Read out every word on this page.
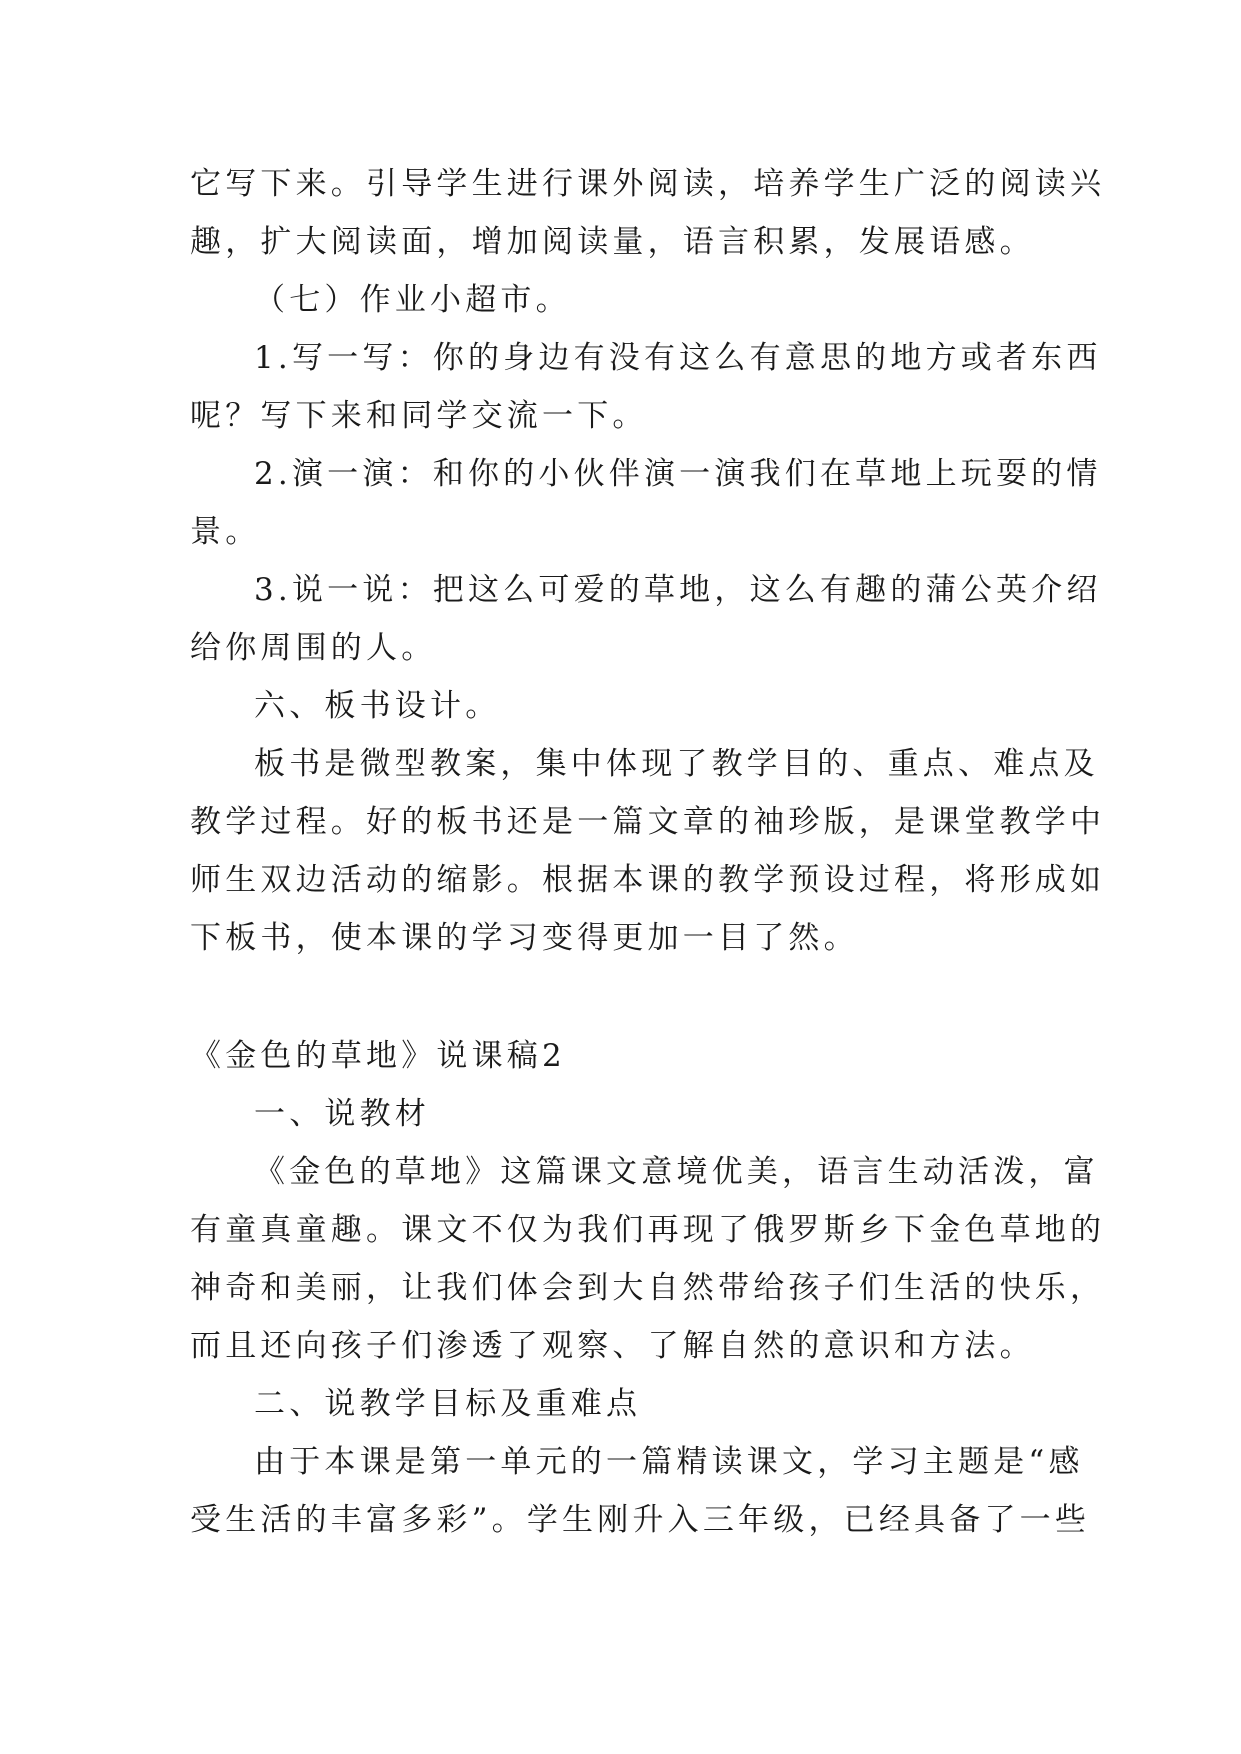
它写下来。引导学生进行课外阅读，培养学生广泛的阅读兴
趣，扩大阅读面，增加阅读量，语言积累，发展语感。
（七）作业小超市。
1.写一写：你的身边有没有这么有意思的地方或者东西
呢？写下来和同学交流一下。
2.演一演：和你的小伙伴演一演我们在草地上玩耍的情
景。
3.说一说：把这么可爱的草地，这么有趣的蒲公英介绍
给你周围的人。
六、板书设计。
板书是微型教案，集中体现了教学目的、重点、难点及
教学过程。好的板书还是一篇文章的袖珍版，是课堂教学中
师生双边活动的缩影。根据本课的教学预设过程，将形成如
下板书，使本课的学习变得更加一目了然。
《金色的草地》说课稿2
一、说教材
《金色的草地》这篇课文意境优美，语言生动活泼，富
有童真童趣。课文不仅为我们再现了俄罗斯乡下金色草地的
神奇和美丽，让我们体会到大自然带给孩子们生活的快乐，
而且还向孩子们渗透了观察、了解自然的意识和方法。
二、说教学目标及重难点
由于本课是第一单元的一篇精读课文，学习主题是“感
受生活的丰富多彩”。学生刚升入三年级，已经具备了一些
